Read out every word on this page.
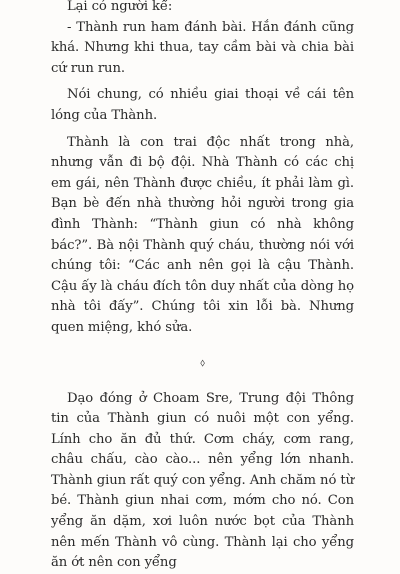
Lại có người kể:

- Thành run ham đánh bài. Hắn đánh cũng khá. Nhưng khi thua, tay cầm bài và chia bài cứ run run.

Nói chung, có nhiều giai thoại về cái tên lóng của Thành.

Thành là con trai độc nhất trong nhà, nhưng vẫn đi bộ đội. Nhà Thành có các chị em gái, nên Thành được chiều, ít phải làm gì. Bạn bè đến nhà thường hỏi người trong gia đình Thành: “Thành giun có nhà không bác?”. Bà nội Thành quý cháu, thường nói với chúng tôi: “Các anh nên gọi là cậu Thành. Cậu ấy là cháu đích tôn duy nhất của dòng họ nhà tôi đấy”. Chúng tôi xin lỗi bà. Nhưng quen miệng, khó sửa.

⬨

Dạo đóng ở Choam Sre, Trung đội Thông tin của Thành giun có nuôi một con yểng. Lính cho ăn đủ thứ. Cơm cháy, cơm rang, châu chấu, cào cào... nên yểng lớn nhanh. Thành giun rất quý con yểng. Anh chăm nó từ bé. Thành giun nhai cơm, mớm cho nó. Con yểng ăn dặm, xơi luôn nước bọt của Thành nên mến Thành vô cùng. Thành lại cho yểng ăn ớt nên con yểng
